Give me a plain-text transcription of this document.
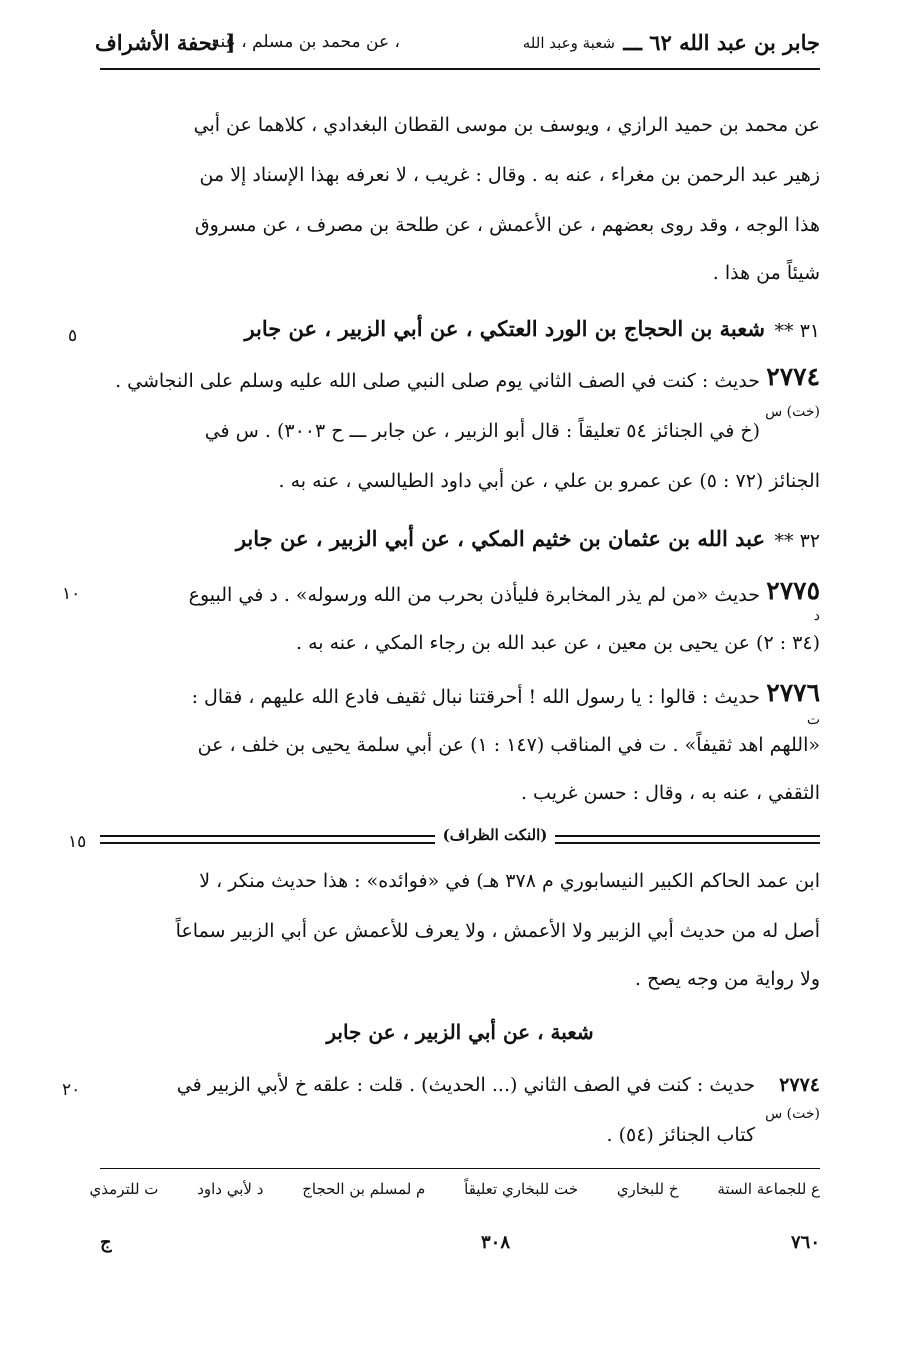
جابر بن عبد الله ٦٢ ـــ
شعبة وعبد الله
، عن محمد بن مسلم ، عنه
[ تحفة الأشراف
عن محمد بن حميد الرازي ، ويوسف بن موسى القطان البغدادي ، كلاهما عن أبي
زهير عبد الرحمن بن مغراء ، عنه به . وقال : غريب ، لا نعرفه بهذا الإسناد إلا من
هذا الوجه ، وقد روى بعضهم ، عن الأعمش ، عن طلحة بن مصرف ، عن مسروق
شيئاً من هذا .
٣١ **
شعبة بن الحجاج بن الورد العتكي ، عن أبي الزبير ، عن جابر
٥
٢٧٧٤
(خت) س
حديث : كنت في الصف الثاني يوم صلى النبي صلى الله عليه وسلم على النجاشي .
(خ في الجنائز ٥٤ تعليقاً : قال أبو الزبير ، عن جابر ـــ ح ٣٠٠٣) . س في
الجنائز (٧٢ : ٥) عن عمرو بن علي ، عن أبي داود الطيالسي ، عنه به .
٣٢ **
عبد الله بن عثمان بن خثيم المكي ، عن أبي الزبير ، عن جابر
٢٧٧٥
د
١٠	حديث «من لم يذر المخابرة فليأذن بحرب من الله ورسوله» . د في البيوع
(٣٤ : ٢) عن يحيى بن معين ، عن عبد الله بن رجاء المكي ، عنه به .
٢٧٧٦
ت
حديث : قالوا : يا رسول الله ! أحرقتنا نبال ثقيف فادع الله عليهم ، فقال :
«اللهم اهد ثقيفاً» . ت في المناقب (١٤٧ : ١) عن أبي سلمة يحيى بن خلف ، عن
الثقفي ، عنه به ، وقال : حسن غريب .
(النكت الظراف)
١٥
ابن عمد الحاكم الكبير النيسابوري م ٣٧٨ هـ) في «فوائده» : هذا حديث منكر ، لا
أصل له من حديث أبي الزبير ولا الأعمش ، ولا يعرف للأعمش عن أبي الزبير سماعاً
ولا رواية من وجه يصح .
شعبة ، عن أبي الزبير ، عن جابر
٢٧٧٤
(خت) س
٢٠	حديث : كنت في الصف الثاني (... الحديث) . قلت : علقه خ لأبي الزبير في
كتاب الجنائز (٥٤) .
ع للجماعة الستة خ للبخاري خت للبخاري تعليقاً م لمسلم بن الحجاج د لأبي داود ت للترمذي
٧٦٠
٣٠٨
ج
